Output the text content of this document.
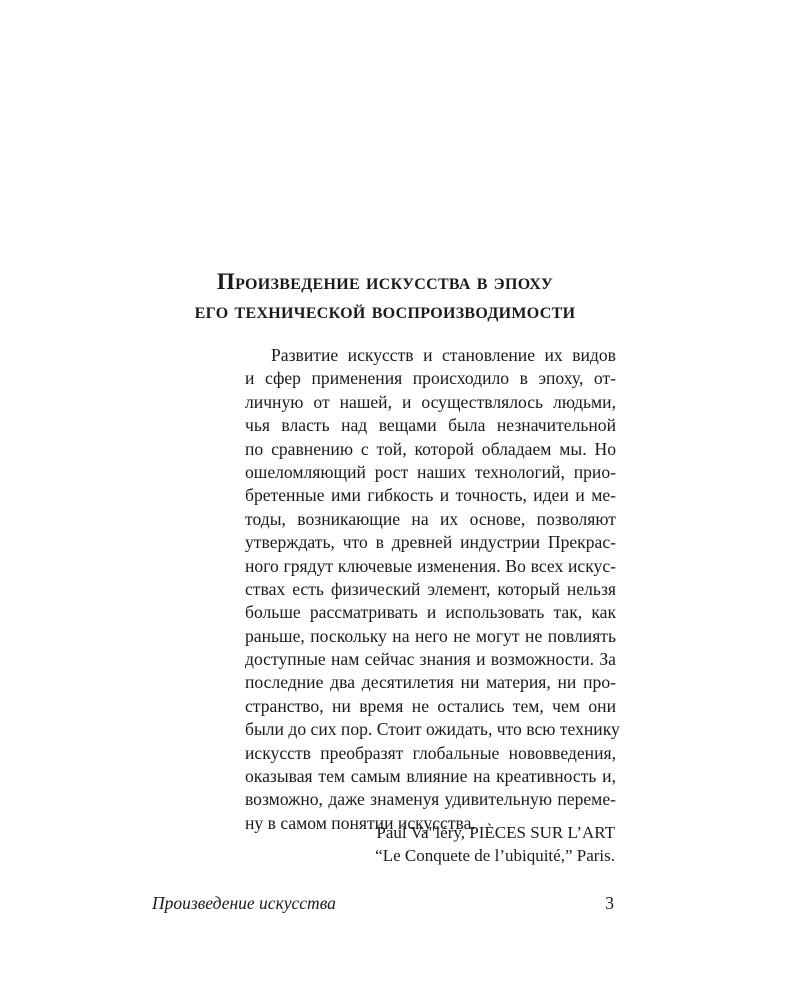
Произведение искусства в эпоху
его технической воспроизводимости
Развитие искусств и становление их видов
и сфер применения происходило в эпоху, от-
личную от нашей, и осуществлялось людьми,
чья власть над вещами была незначительной
по сравнению с той, которой обладаем мы. Но
ошеломляющий рост наших технологий, прио-
бретенные ими гибкость и точность, идеи и ме-
тоды, возникающие на их основе, позволяют
утверждать, что в древней индустрии Прекрас-
ного грядут ключевые изменения. Во всех искус-
ствах есть физический элемент, который нельзя
больше рассматривать и использовать так, как
раньше, поскольку на него не могут не повлиять
доступные нам сейчас знания и возможности. За
последние два десятилетия ни материя, ни про-
странство, ни время не остались тем, чем они
были до сих пор. Стоит ожидать, что всю технику
искусств преобразят глобальные нововведения,
оказывая тем самым влияние на креативность и,
возможно, даже знаменуя удивительную переме-
ну в самом понятии искусства.

Paul Va"léry, PIÈCES SUR L’ART

“Le Conquete de l’ubiquité,” Paris.

Произведение искусства	3
